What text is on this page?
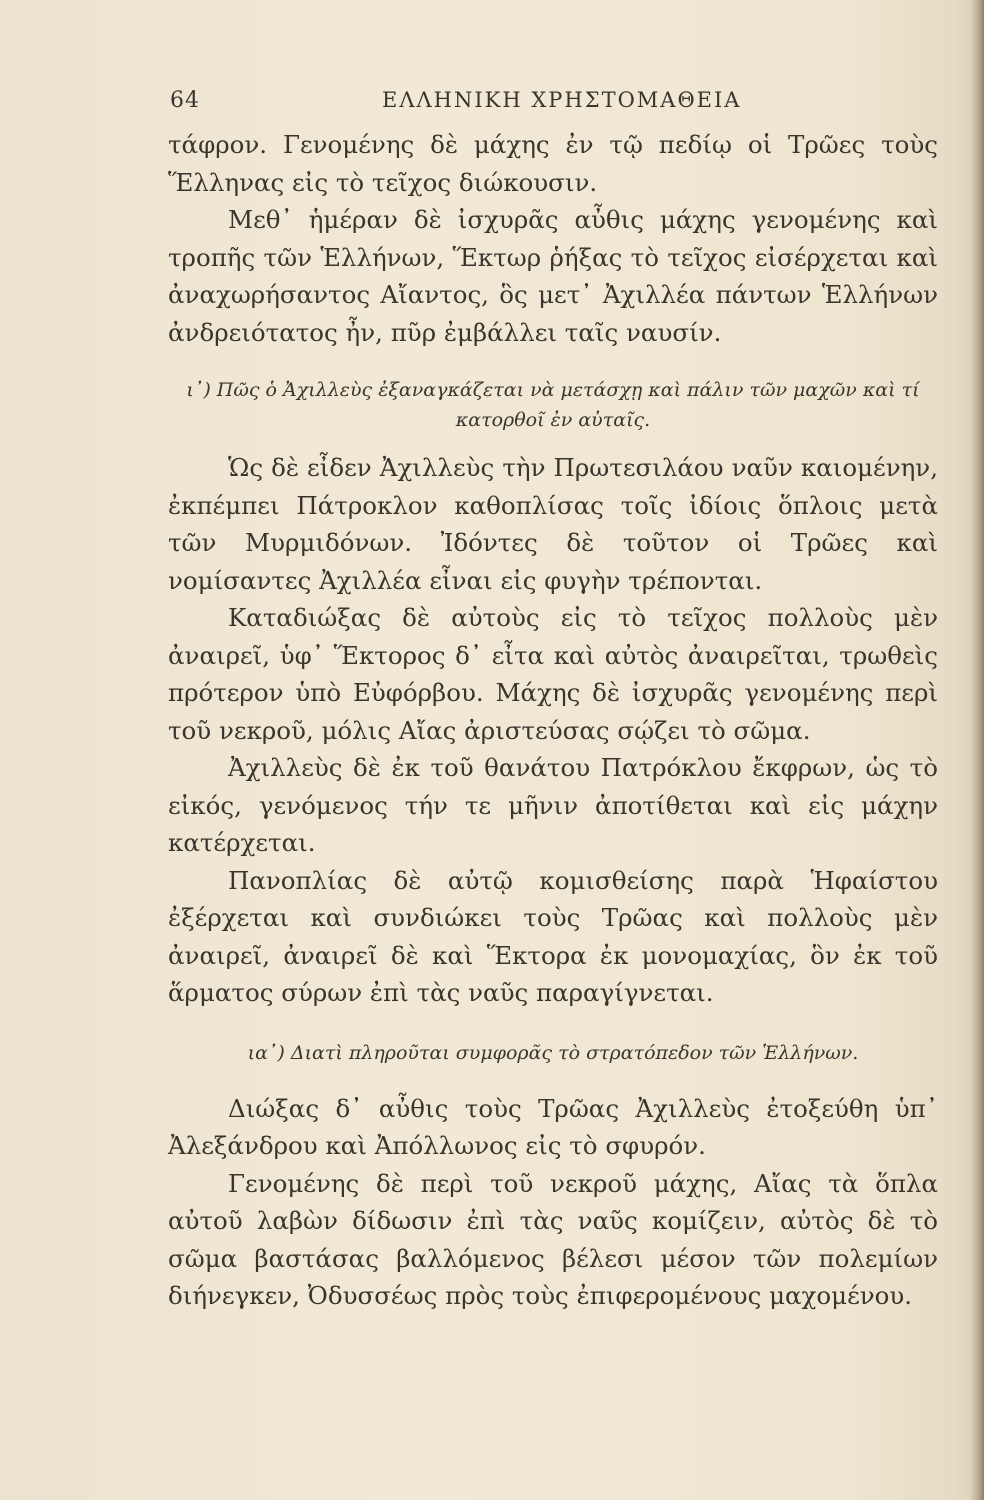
64	ΕΛΛΗΝΙΚΗ ΧΡΗΣΤΟΜΑΘΕΙΑ

τάφρον. Γενομένης δὲ μάχης ἐν τῷ πεδίῳ οἱ Τρῶες τοὺς Ἕλληνας εἰς τὸ τεῖχος διώκουσιν.

Μεθ᾽ ἡμέραν δὲ ἰσχυρᾶς αὖθις μάχης γενομένης καὶ τροπῆς τῶν Ἑλλήνων, Ἕκτωρ ῥήξας τὸ τεῖχος εἰσέρχεται καὶ ἀναχωρήσαντος Αἴαντος, ὃς μετ᾽ Ἀχιλλέα πάντων Ἑλλήνων ἀνδρειότατος ἦν, πῦρ ἐμβάλλει ταῖς ναυσίν.

ι᾽) Πῶς ὁ Ἀχιλλεὺς ἐξαναγκάζεται νὰ μετάσχῃ καὶ πάλιν τῶν μαχῶν καὶ τί κατορθοῖ ἐν αὐταῖς.

Ὡς δὲ εἶδεν Ἀχιλλεὺς τὴν Πρωτεσιλάου ναῦν καιομένην, ἐκπέμπει Πάτροκλον καθοπλίσας τοῖς ἰδίοις ὅπλοις μετὰ τῶν Μυρμιδόνων. Ἰδόντες δὲ τοῦτον οἱ Τρῶες καὶ νομίσαντες Ἀχιλλέα εἶναι εἰς φυγὴν τρέπονται.

Καταδιώξας δὲ αὐτοὺς εἰς τὸ τεῖχος πολλοὺς μὲν ἀναιρεῖ, ὑφ᾽ Ἕκτορος δ᾽ εἶτα καὶ αὐτὸς ἀναιρεῖται, τρωθεὶς πρότερον ὑπὸ Εὐφόρβου. Μάχης δὲ ἰσχυρᾶς γενομένης περὶ τοῦ νεκροῦ, μόλις Αἴας ἀριστεύσας σῴζει τὸ σῶμα.

Ἀχιλλεὺς δὲ ἐκ τοῦ θανάτου Πατρόκλου ἔκφρων, ὡς τὸ εἰκός, γενόμενος τήν τε μῆνιν ἀποτίθεται καὶ εἰς μάχην κατέρχεται.

Πανοπλίας δὲ αὐτῷ κομισθείσης παρὰ Ἡφαίστου ἐξέρχεται καὶ συνδιώκει τοὺς Τρῶας καὶ πολλοὺς μὲν ἀναιρεῖ, ἀναιρεῖ δὲ καὶ Ἕκτορα ἐκ μονομαχίας, ὃν ἐκ τοῦ ἅρματος σύρων ἐπὶ τὰς ναῦς παραγίγνεται.

ια᾽) Διατὶ πληροῦται συμφορᾶς τὸ στρατόπεδον τῶν Ἑλλήνων.

Διώξας δ᾽ αὖθις τοὺς Τρῶας Ἀχιλλεὺς ἐτοξεύθη ὑπ᾽ Ἀλεξάνδρου καὶ Ἀπόλλωνος εἰς τὸ σφυρόν.

Γενομένης δὲ περὶ τοῦ νεκροῦ μάχης, Αἴας τὰ ὅπλα αὐτοῦ λαβὼν δίδωσιν ἐπὶ τὰς ναῦς κομίζειν, αὐτὸς δὲ τὸ σῶμα βαστάσας βαλλόμενος βέλεσι μέσον τῶν πολεμίων διήνεγκεν, Ὀδυσσέως πρὸς τοὺς ἐπιφερομένους μαχομένου.
